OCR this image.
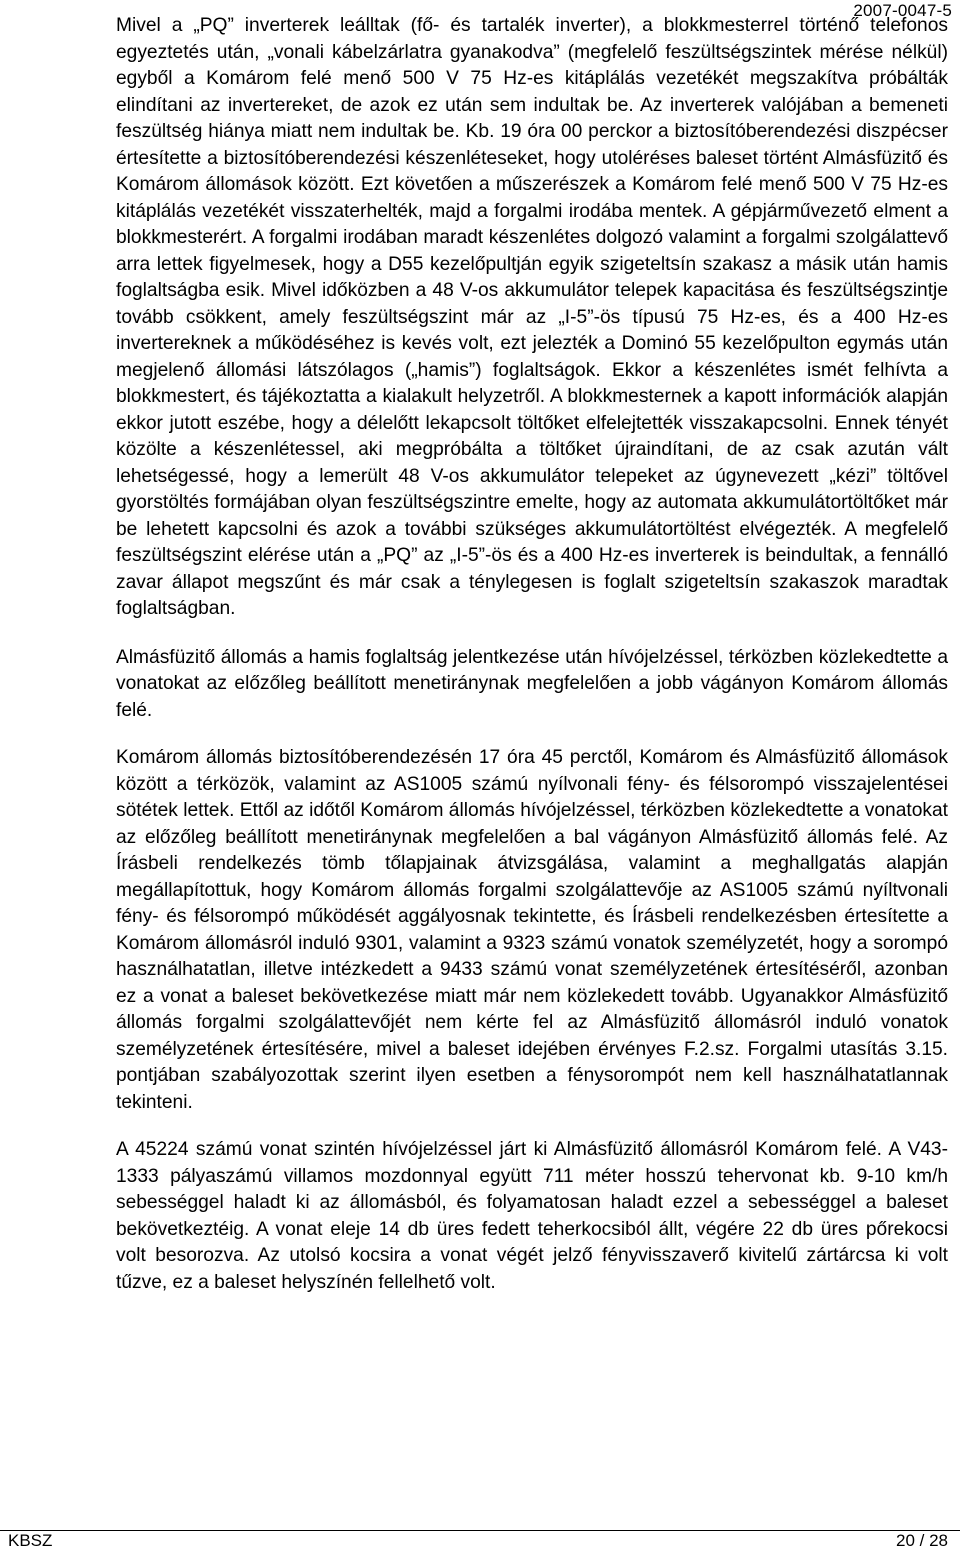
2007-0047-5

Mivel a „PQ” inverterek leálltak (fő- és tartalék inverter), a blokkmesterrel történő telefonos egyeztetés után, „vonali kábelzárlatra gyanakodva” (megfelelő feszültségszintek mérése nélkül) egyből a Komárom felé menő 500 V 75 Hz-es kitáplálás vezetékét megszakítva próbálták elindítani az invertereket, de azok ez után sem indultak be. Az inverterek valójában a bemeneti feszültség hiánya miatt nem indultak be. Kb. 19 óra 00 perckor a biztosítóberendezési diszpécser értesítette a biztosítóberendezési készenléteseket, hogy utoléréses baleset történt Almásfüzitő és Komárom állomások között. Ezt követően a műszerészek a Komárom felé menő 500 V 75 Hz-es kitáplálás vezetékét visszaterhelték, majd a forgalmi irodába mentek. A gépjárművezető elment a blokkmesterért. A forgalmi irodában maradt készenlétes dolgozó valamint a forgalmi szolgálattevő arra lettek figyelmesek, hogy a D55 kezelőpultján egyik szigeteltsín szakasz a másik után hamis foglaltságba esik. Mivel időközben a 48 V-os akkumulátor telepek kapacitása és feszültségszintje tovább csökkent, amely feszültségszint már az „I-5”-ös típusú 75 Hz-es, és a 400 Hz-es invertereknek a működéséhez is kevés volt, ezt jelezték a Dominó 55 kezelőpulton egymás után megjelenő állomási látszólagos („hamis”) foglaltságok. Ekkor a készenlétes ismét felhívta a blokkmestert, és tájékoztatta a kialakult helyzetről. A blokkmesternek a kapott információk alapján ekkor jutott eszébe, hogy a délelőtt lekapcsolt töltőket elfelejtették visszakapcsolni. Ennek tényét közölte a készenlétessel, aki megpróbálta a töltőket újraindítani, de az csak azután vált lehetségessé, hogy a lemerült 48 V-os akkumulátor telepeket az úgynevezett „kézi” töltővel gyorstöltés formájában olyan feszültségszintre emelte, hogy az automata akkumulátortöltőket már be lehetett kapcsolni és azok a további szükséges akkumulátortöltést elvégezték. A megfelelő feszültségszint elérése után a „PQ” az „I-5”-ös és a 400 Hz-es inverterek is beindultak, a fennálló zavar állapot megszűnt és már csak a ténylegesen is foglalt szigeteltsín szakaszok maradtak foglaltságban.

Almásfüzitő állomás a hamis foglaltság jelentkezése után hívójelzéssel, térközben közlekedtette a vonatokat az előzőleg beállított menetiránynak megfelelően a jobb vágányon Komárom állomás felé.

Komárom állomás biztosítóberendezésén 17 óra 45 perctől, Komárom és Almásfüzitő állomások között a térközök, valamint az AS1005 számú nyílvonali fény- és félsorompó visszajelentései sötétek lettek. Ettől az időtől Komárom állomás hívójelzéssel, térközben közlekedtette a vonatokat az előzőleg beállított menetiránynak megfelelően a bal vágányon Almásfüzitő állomás felé. Az Írásbeli rendelkezés tömb tőlapjainak átvizsgálása, valamint a meghallgatás alapján megállapítottuk, hogy Komárom állomás forgalmi szolgálattevője az AS1005 számú nyíltvonali fény- és félsorompó működését aggályosnak tekintette, és Írásbeli rendelkezésben értesítette a Komárom állomásról induló 9301, valamint a 9323 számú vonatok személyzetét, hogy a sorompó használhatatlan, illetve intézkedett a 9433 számú vonat személyzetének értesítéséről, azonban ez a vonat a baleset bekövetkezése miatt már nem közlekedett tovább. Ugyanakkor Almásfüzitő állomás forgalmi szolgálattevőjét nem kérte fel az Almásfüzitő állomásról induló vonatok személyzetének értesítésére, mivel a baleset idejében érvényes F.2.sz. Forgalmi utasítás 3.15. pontjában szabályozottak szerint ilyen esetben a fénysorompót nem kell használhatatlannak tekinteni.

A 45224 számú vonat szintén hívójelzéssel járt ki Almásfüzitő állomásról Komárom felé. A V43-1333 pályaszámú villamos mozdonnyal együtt 711 méter hosszú tehervonat kb. 9-10 km/h sebességgel haladt ki az állomásból, és folyamatosan haladt ezzel a sebességgel a baleset bekövetkeztéig. A vonat eleje 14 db üres fedett teherkocsiból állt, végére 22 db üres pőrekocsi volt besorozva. Az utolsó kocsira a vonat végét jelző fényvisszaverő kivitelű zártárcsa ki volt tűzve, ez a baleset helyszínén fellelhető volt.

KBSZ	20 / 28
